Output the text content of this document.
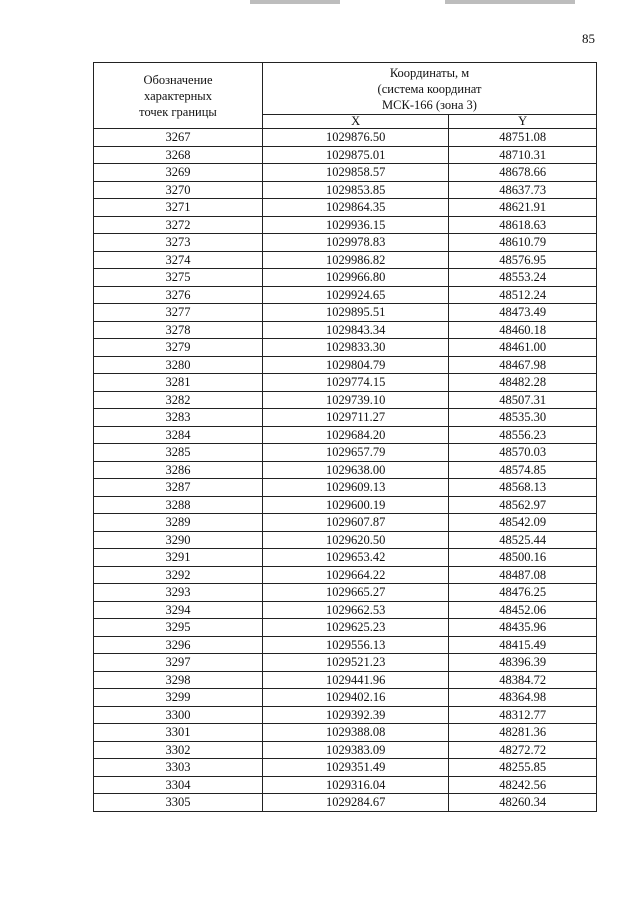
85
Обозначение
характерных
точек границы	Координаты, м
(система координат
МСК-166 (зона 3)	

	X	Y
3267	1029876.50	48751.08
3268	1029875.01	48710.31
3269	1029858.57	48678.66
3270	1029853.85	48637.73
3271	1029864.35	48621.91
3272	1029936.15	48618.63
3273	1029978.83	48610.79
3274	1029986.82	48576.95
3275	1029966.80	48553.24
3276	1029924.65	48512.24
3277	1029895.51	48473.49
3278	1029843.34	48460.18
3279	1029833.30	48461.00
3280	1029804.79	48467.98
3281	1029774.15	48482.28
3282	1029739.10	48507.31
3283	1029711.27	48535.30
3284	1029684.20	48556.23
3285	1029657.79	48570.03
3286	1029638.00	48574.85
3287	1029609.13	48568.13
3288	1029600.19	48562.97
3289	1029607.87	48542.09
3290	1029620.50	48525.44
3291	1029653.42	48500.16
3292	1029664.22	48487.08
3293	1029665.27	48476.25
3294	1029662.53	48452.06
3295	1029625.23	48435.96
3296	1029556.13	48415.49
3297	1029521.23	48396.39
3298	1029441.96	48384.72
3299	1029402.16	48364.98
3300	1029392.39	48312.77
3301	1029388.08	48281.36
3302	1029383.09	48272.72
3303	1029351.49	48255.85
3304	1029316.04	48242.56
3305	1029284.67	48260.34
